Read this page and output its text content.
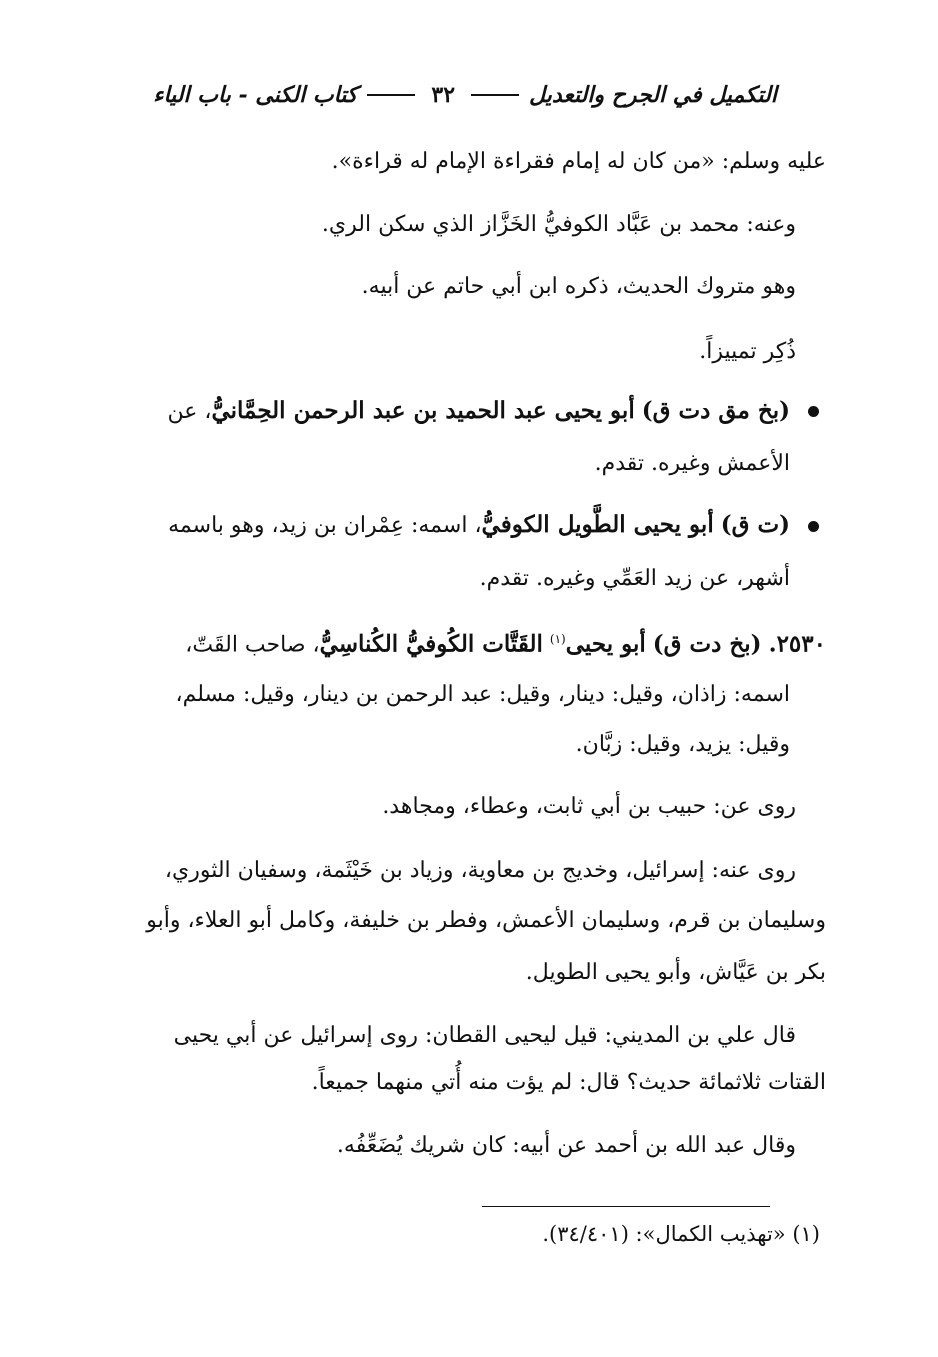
التكميل في الجرح والتعديل
٣٢
كتاب الكنى - باب الياء
عليه وسلم: «من كان له إمام فقراءة الإمام له قراءة».
وعنه: محمد بن عَبَّاد الكوفيُّ الخَزَّاز الذي سكن الري.
وهو متروك الحديث، ذكره ابن أبي حاتم عن أبيه.
ذُكِر تمييزاً.
(بخ مق دت ق) أبو يحيى عبد الحميد بن عبد الرحمن الحِمَّانيُّ، عن
الأعمش وغيره. تقدم.
(ت ق) أبو يحيى الطَّويل الكوفيُّ، اسمه: عِمْران بن زيد، وهو باسمه
أشهر، عن زيد العَمِّي وغيره. تقدم.
٢٥٣٠. (بخ دت ق) أبو يحيى$^{(١)}$ القَتَّات الكُوفيُّ الكُناسِيُّ، صاحب القَتّ،
اسمه: زاذان، وقيل: دينار، وقيل: عبد الرحمن بن دينار، وقيل: مسلم،
وقيل: يزيد، وقيل: زبَّان.
روى عن: حبيب بن أبي ثابت، وعطاء، ومجاهد.
روى عنه: إسرائيل، وخديج بن معاوية، وزياد بن خَيْثَمة، وسفيان الثوري،
وسليمان بن قرم، وسليمان الأعمش، وفطر بن خليفة، وكامل أبو العلاء، وأبو
بكر بن عَيَّاش، وأبو يحيى الطويل.
قال علي بن المديني: قيل ليحيى القطان: روى إسرائيل عن أبي يحيى
القتات ثلاثمائة حديث؟ قال: لم يؤت منه أُتي منهما جميعاً.
وقال عبد الله بن أحمد عن أبيه: كان شريك يُضَعِّفُه.
(١) «تهذيب الكمال»: (٣٤/٤٠١).
